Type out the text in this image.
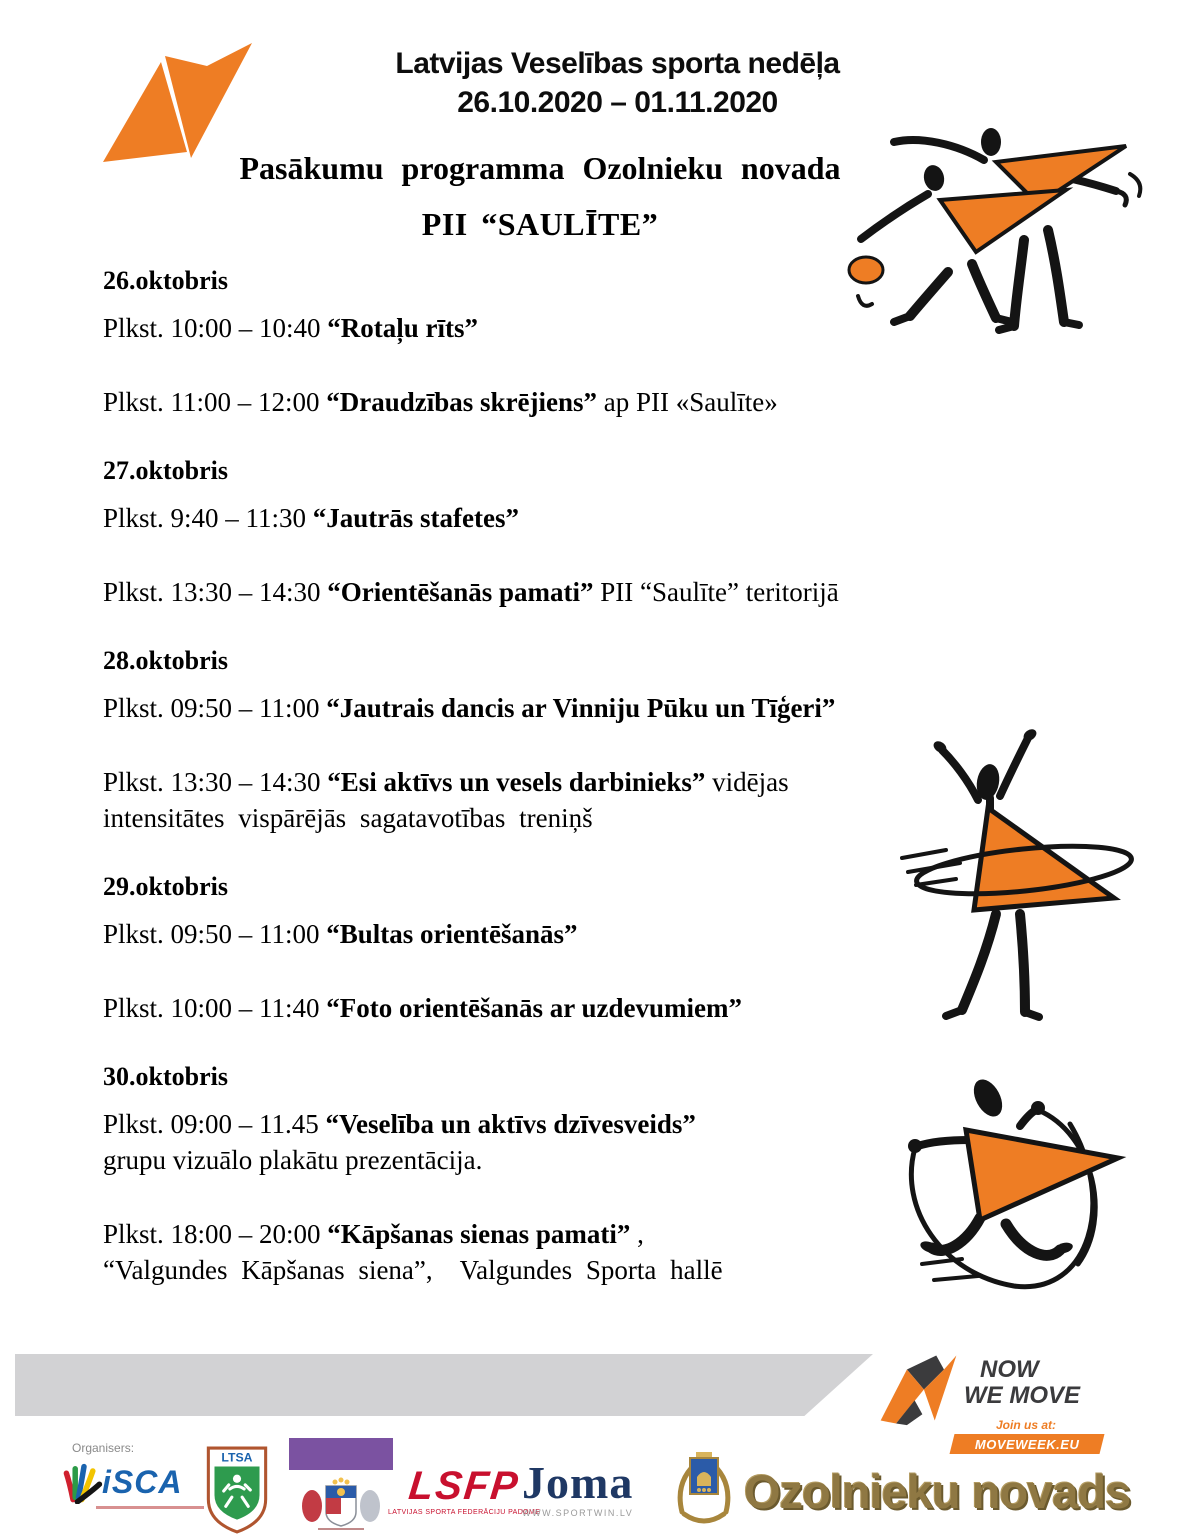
Latvijas Veselības sporta nedēļa
26.10.2020 – 01.11.2020
Pasākumu programma Ozolnieku novada
PII “SAULĪTE”
26.oktobris
Plkst. 10:00 – 10:40 “Rotaļu rīts”
Plkst. 11:00 – 12:00 “Draudzības skrējiens” ap PII «Saulīte»
27.oktobris
Plkst. 9:40 – 11:30 “Jautrās stafetes”
Plkst. 13:30 – 14:30 “Orientēšanās pamati” PII “Saulīte” teritorijā
28.oktobris
Plkst. 09:50 – 11:00 “Jautrais dancis ar Vinniju Pūku un Tīģeri”
Plkst. 13:30 – 14:30 “Esi aktīvs un vesels darbinieks” vidējas
intensitātes vispārējās sagatavotības treniņš
29.oktobris
Plkst. 09:50 – 11:00 “Bultas orientēšanās”
Plkst. 10:00 – 11:40 “Foto orientēšanās ar uzdevumiem”
30.oktobris
Plkst. 09:00 – 11.45 “Veselība un aktīvs dzīvesveids”
grupu vizuālo plakātu prezentācija.
Plkst. 18:00 – 20:00 “Kāpšanas sienas pamati” ,
“Valgundes Kāpšanas siena”,  Valgundes Sporta hallē
NOW
WE MOVE
Join us at:
MOVEWEEK.EU
Organisers:
iSCA
LTSA
LSFP
LATVIJAS SPORTA FEDERĀCIJU PADOME
Joma
WWW.SPORTWIN.LV Ozolnieku novads
